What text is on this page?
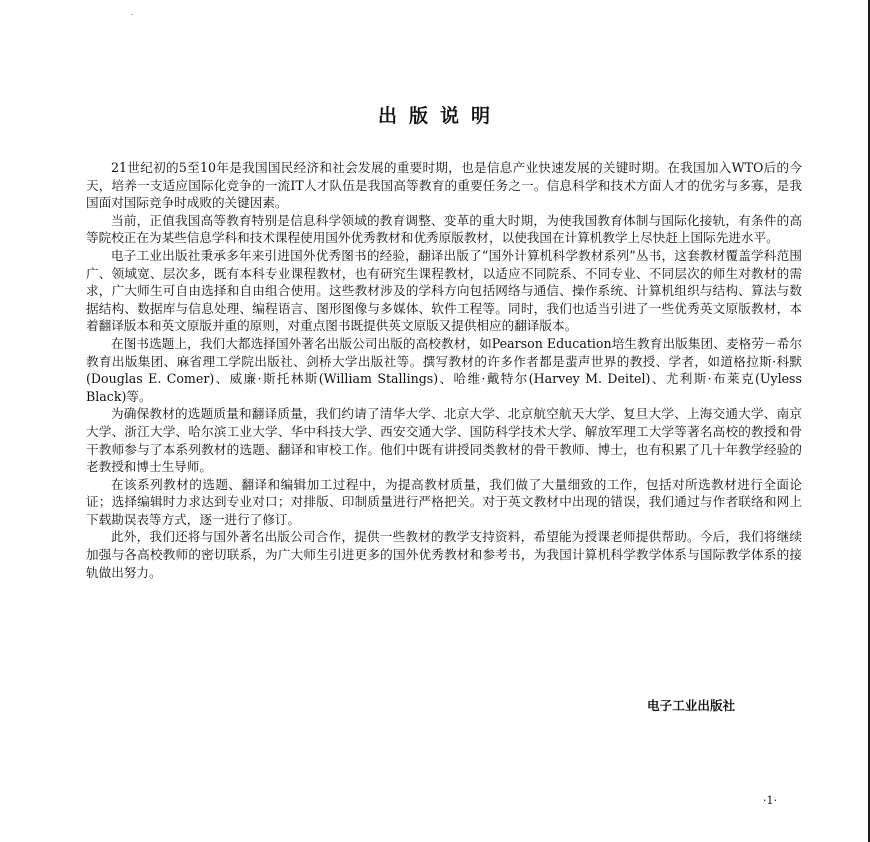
.
出版说明

21世纪初的5至10年是我国国民经济和社会发展的重要时期，也是信息产业快速发展的关键时期。在我国加入WTO后的今天，培养一支适应国际化竞争的一流IT人才队伍是我国高等教育的重要任务之一。信息科学和技术方面人才的优劣与多寡，是我国面对国际竞争时成败的关键因素。

当前，正值我国高等教育特别是信息科学领域的教育调整、变革的重大时期，为使我国教育体制与国际化接轨，有条件的高等院校正在为某些信息学科和技术课程使用国外优秀教材和优秀原版教材，以使我国在计算机教学上尽快赶上国际先进水平。

电子工业出版社秉承多年来引进国外优秀图书的经验，翻译出版了“国外计算机科学教材系列”丛书，这套教材覆盖学科范围广、领域宽、层次多，既有本科专业课程教材，也有研究生课程教材，以适应不同院系、不同专业、不同层次的师生对教材的需求，广大师生可自由选择和自由组合使用。这些教材涉及的学科方向包括网络与通信、操作系统、计算机组织与结构、算法与数据结构、数据库与信息处理、编程语言、图形图像与多媒体、软件工程等。同时，我们也适当引进了一些优秀英文原版教材，本着翻译版本和英文原版并重的原则，对重点图书既提供英文原版又提供相应的翻译版本。

在图书选题上，我们大都选择国外著名出版公司出版的高校教材，如Pearson Education培生教育出版集团、麦格劳－希尔教育出版集团、麻省理工学院出版社、剑桥大学出版社等。撰写教材的许多作者都是蜚声世界的教授、学者，如道格拉斯·科默(Douglas E. Comer)、威廉·斯托林斯(William Stallings)、哈维·戴特尔(Harvey M. Deitel)、尤利斯·布莱克(Uyless Black)等。

为确保教材的选题质量和翻译质量，我们约请了清华大学、北京大学、北京航空航天大学、复旦大学、上海交通大学、南京大学、浙江大学、哈尔滨工业大学、华中科技大学、西安交通大学、国防科学技术大学、解放军理工大学等著名高校的教授和骨干教师参与了本系列教材的选题、翻译和审校工作。他们中既有讲授同类教材的骨干教师、博士，也有积累了几十年教学经验的老教授和博士生导师。

在该系列教材的选题、翻译和编辑加工过程中，为提高教材质量，我们做了大量细致的工作，包括对所选教材进行全面论证；选择编辑时力求达到专业对口；对排版、印制质量进行严格把关。对于英文教材中出现的错误，我们通过与作者联络和网上下载勘误表等方式，逐一进行了修订。

此外，我们还将与国外著名出版公司合作，提供一些教材的教学支持资料，希望能为授课老师提供帮助。今后，我们将继续加强与各高校教师的密切联系，为广大师生引进更多的国外优秀教材和参考书，为我国计算机科学教学体系与国际教学体系的接轨做出努力。

电子工业出版社
·1·
